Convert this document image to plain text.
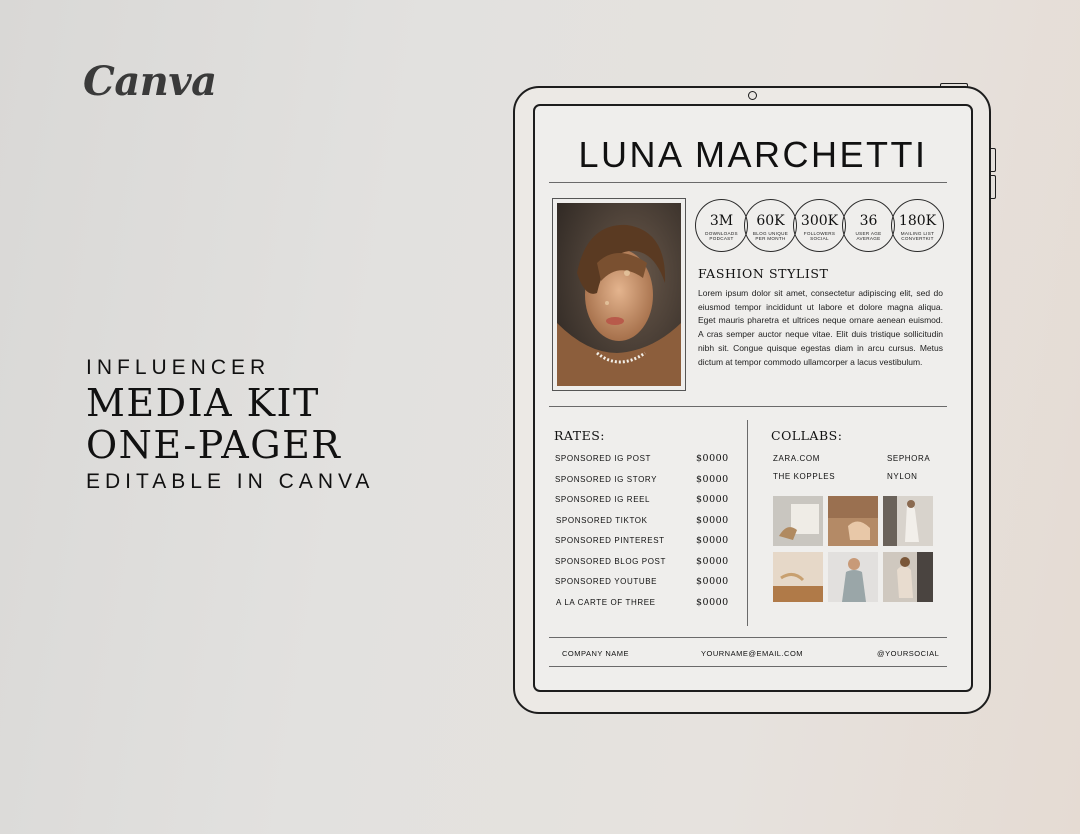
Canva
INFLUENCER
MEDIA KIT
ONE-PAGER
EDITABLE IN CANVA
LUNA MARCHETTI
3M
DOWNLOADS PODCAST
60K
BLOG UNIQUE PER MONTH
300K
FOLLOWERS SOCIAL
36
USER AGE AVERAGE
180K
MAILING LIST CONVERTKIT
FASHION STYLIST
Lorem ipsum dolor sit amet, consectetur adipiscing elit, sed do eiusmod tempor incididunt ut labore et dolore magna aliqua. Eget mauris pharetra et ultrices neque ornare aenean euismod. A cras semper auctor neque vitae. Elit duis tristique sollicitudin nibh sit. Congue quisque egestas diam in arcu cursus. Metus dictum at tempor commodo ullamcorper a lacus vestibulum.
RATES:
SPONSORED IG POST	$0000
SPONSORED IG STORY	$0000
SPONSORED IG REEL	$0000
SPONSORED TIKTOK	$0000
SPONSORED PINTEREST	$0000
SPONSORED BLOG POST	$0000
SPONSORED YOUTUBE	$0000
A LA CARTE OF THREE	$0000
COLLABS:
ZARA.COM	SEPHORA
THE KOPPLES	NYLON
COMPANY NAME	YOURNAME@EMAIL.COM	@YOURSOCIAL
